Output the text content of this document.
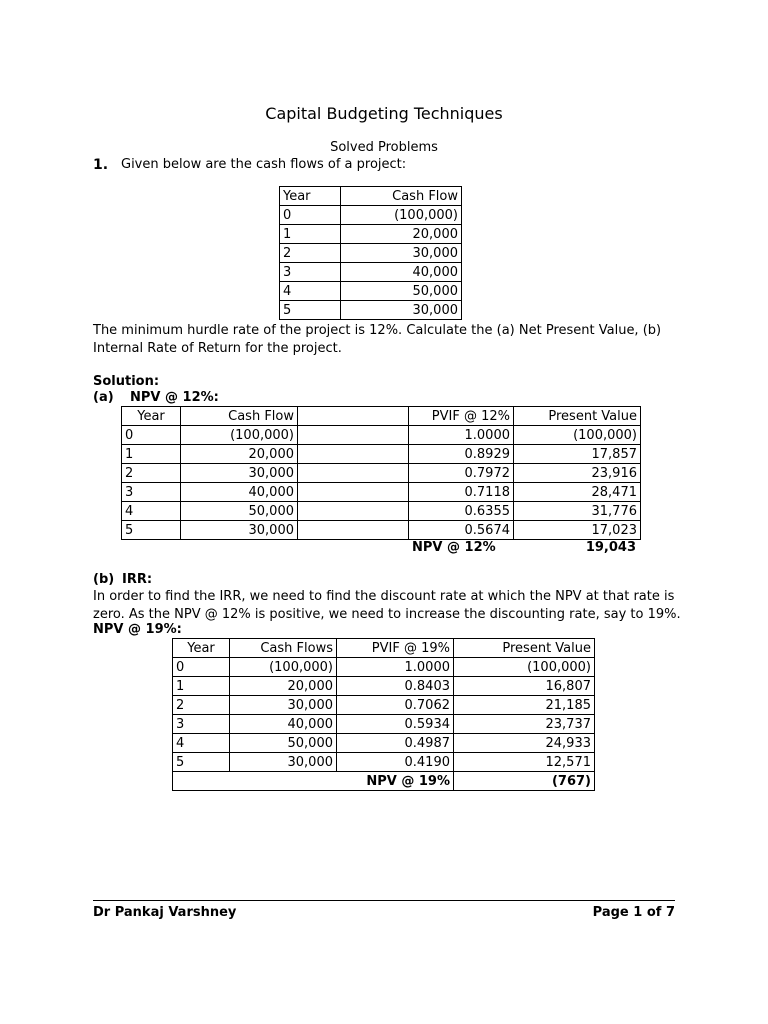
Capital Budgeting Techniques
Solved Problems
1. Given below are the cash flows of a project:
Year	Cash Flow
0	(100,000)
1	20,000
2	30,000
3	40,000
4	50,000
5	30,000
The minimum hurdle rate of the project is 12%. Calculate the (a) Net Present Value, (b) Internal Rate of Return for the project.
Solution:
(a) NPV @ 12%:
Year	Cash Flow		PVIF @ 12%	Present Value
0	(100,000)		1.0000	(100,000)
1	20,000		0.8929	17,857
2	30,000		0.7972	23,916
3	40,000		0.7118	28,471
4	50,000		0.6355	31,776
5	30,000		0.5674	17,023
NPV @ 12%	19,043
(b) IRR:
In order to find the IRR, we need to find the discount rate at which the NPV at that rate is zero. As the NPV @ 12% is positive, we need to increase the discounting rate, say to 19%.
NPV @ 19%:
Year	Cash Flows	PVIF @ 19%	Present Value
0	(100,000)	1.0000	(100,000)
1	20,000	0.8403	16,807
2	30,000	0.7062	21,185
3	40,000	0.5934	23,737
4	50,000	0.4987	24,933
5	30,000	0.4190	12,571
		NPV @ 19%	(767)
Dr Pankaj Varshney	Page 1 of 7
